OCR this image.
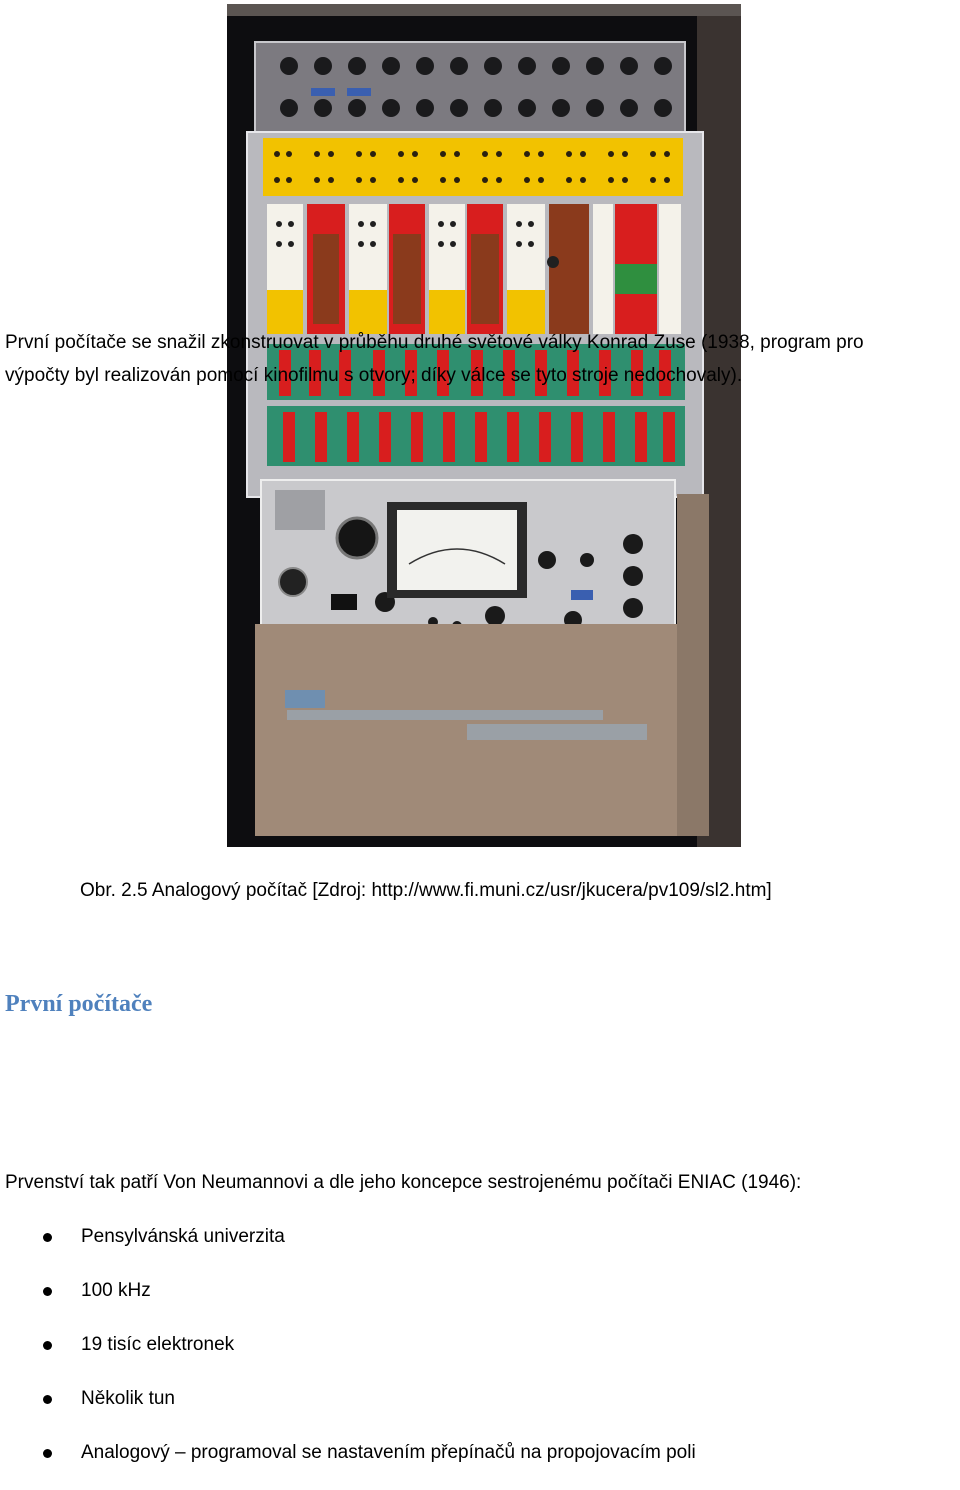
Obr. 2.5 Analogový počítač [Zdroj: http://www.fi.muni.cz/usr/jkucera/pv109/sl2.htm]
První počítače
První počítače se snažil zkonstruovat v průběhu druhé světové války Konrad Zuse (1938, program pro
výpočty byl realizován pomocí kinofilmu s otvory; díky válce se tyto stroje nedochovaly).
Prvenství tak patří Von Neumannovi a dle jeho koncepce sestrojenému počítači ENIAC (1946):
Pensylvánská univerzita
100 kHz
19 tisíc elektronek
Několik tun
Analogový – programoval se nastavením přepínačů na propojovacím poli
